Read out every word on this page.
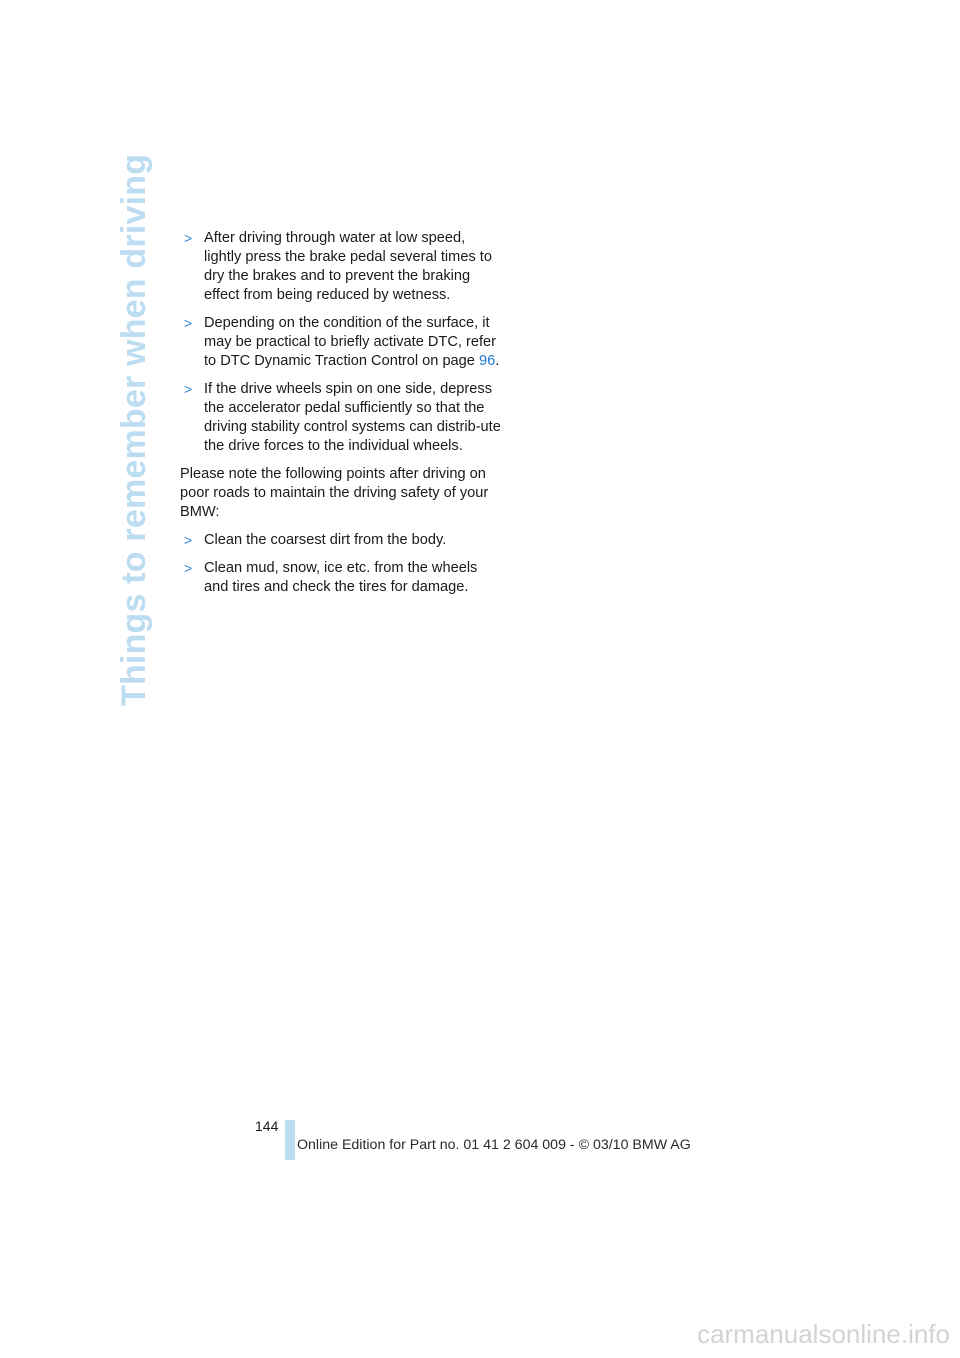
Things to remember when driving > After driving through water at low speed, lightly press the brake pedal several times to dry the brakes and to prevent the braking effect from being reduced by wetness.
> Depending on the condition of the surface, it may be practical to briefly activate DTC, refer to DTC Dynamic Traction Control on page 96.
> If the drive wheels spin on one side, depress the accelerator pedal sufficiently so that the driving stability control systems can distrib-ute the drive forces to the individual wheels.

Please note the following points after driving on poor roads to maintain the driving safety of your BMW:

> Clean the coarsest dirt from the body.
> Clean mud, snow, ice etc. from the wheels and tires and check the tires for damage.
144
Online Edition for Part no. 01 41 2 604 009 - © 03/10 BMW AG
carmanualsonline.info
